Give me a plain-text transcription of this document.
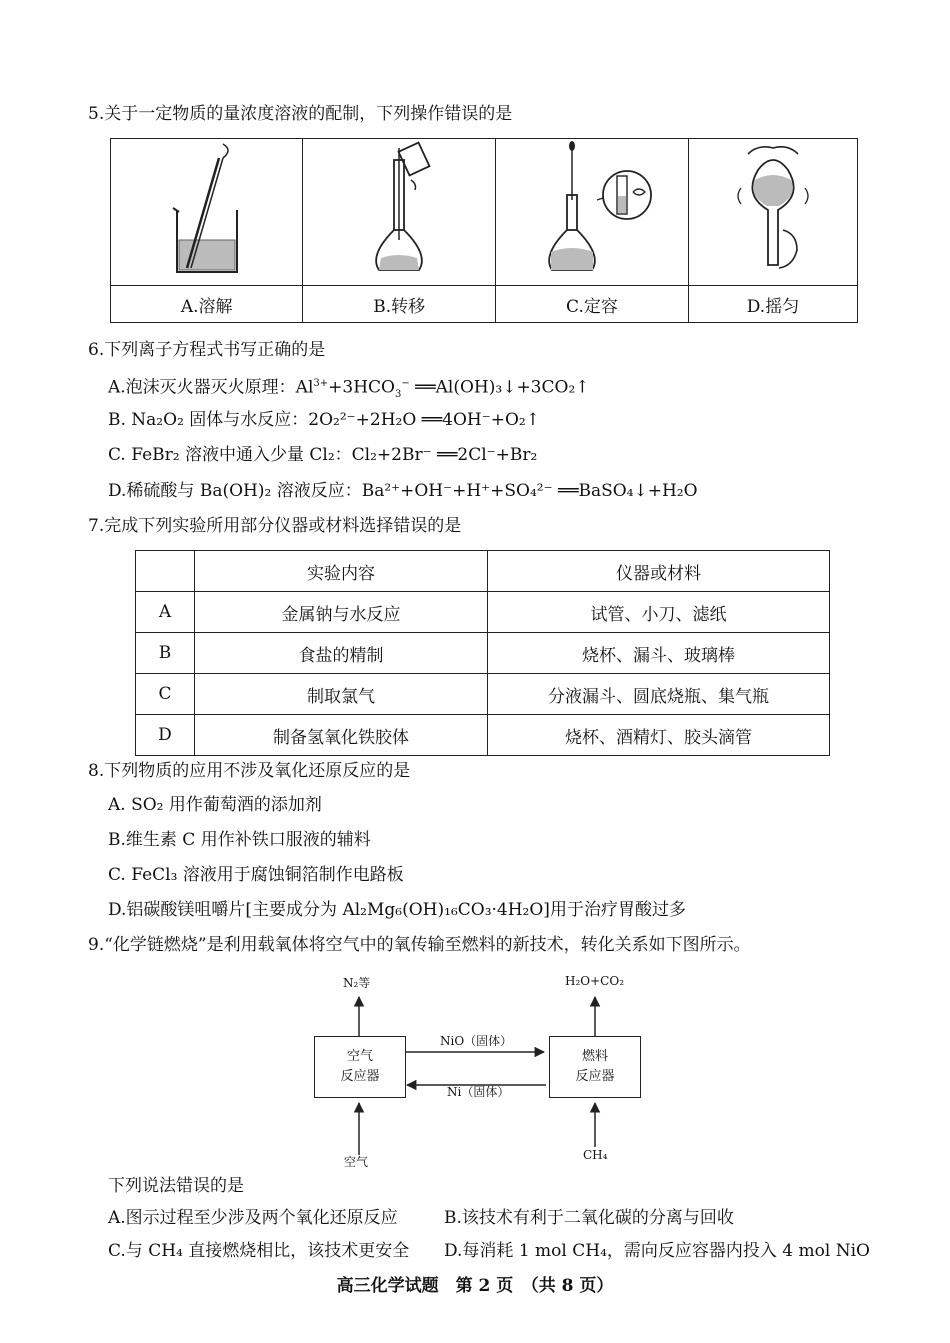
5.关于一定物质的量浓度溶液的配制，下列操作错误的是

A.溶解	B.转移	C.定容	D.摇匀
6.下列离子方程式书写正确的是
A.泡沫灭火器灭火原理：$Al^{3+}+3HCO_3^-$ ══Al(OH)₃↓+3CO₂↑
B. Na₂O₂ 固体与水反应：2O₂²⁻+2H₂O ══4OH⁻+O₂↑
C. FeBr₂ 溶液中通入少量 Cl₂：Cl₂+2Br⁻ ══2Cl⁻+Br₂
D.稀硫酸与 Ba(OH)₂ 溶液反应：Ba²⁺+OH⁻+H⁺+SO₄²⁻ ══BaSO₄↓+H₂O
7.完成下列实验所用部分仪器或材料选择错误的是
	实验内容	仪器或材料
A	金属钠与水反应	试管、小刀、滤纸
B	食盐的精制	烧杯、漏斗、玻璃棒
C	制取氯气	分液漏斗、圆底烧瓶、集气瓶
D	制备氢氧化铁胶体	烧杯、酒精灯、胶头滴管
8.下列物质的应用不涉及氧化还原反应的是
A. SO₂ 用作葡萄酒的添加剂
B.维生素 C 用作补铁口服液的辅料
C. FeCl₃ 溶液用于腐蚀铜箔制作电路板
D.铝碳酸镁咀嚼片[主要成分为 Al₂Mg₆(OH)₁₆CO₃·4H₂O]用于治疗胃酸过多
9.“化学链燃烧”是利用载氧体将空气中的氧传输至燃料的新技术，转化关系如下图所示。
N₂等	H₂O+CO₂
空气
反应器
燃料
反应器
NiO（固体）
Ni（固体）
空气	CH₄
下列说法错误的是
A.图示过程至少涉及两个氧化还原反应	B.该技术有利于二氧化碳的分离与回收
C.与 CH₄ 直接燃烧相比，该技术更安全 D.每消耗 1 mol CH₄，需向反应容器内投入 4 mol NiO
高三化学试题　第 2 页　（共 8 页）
